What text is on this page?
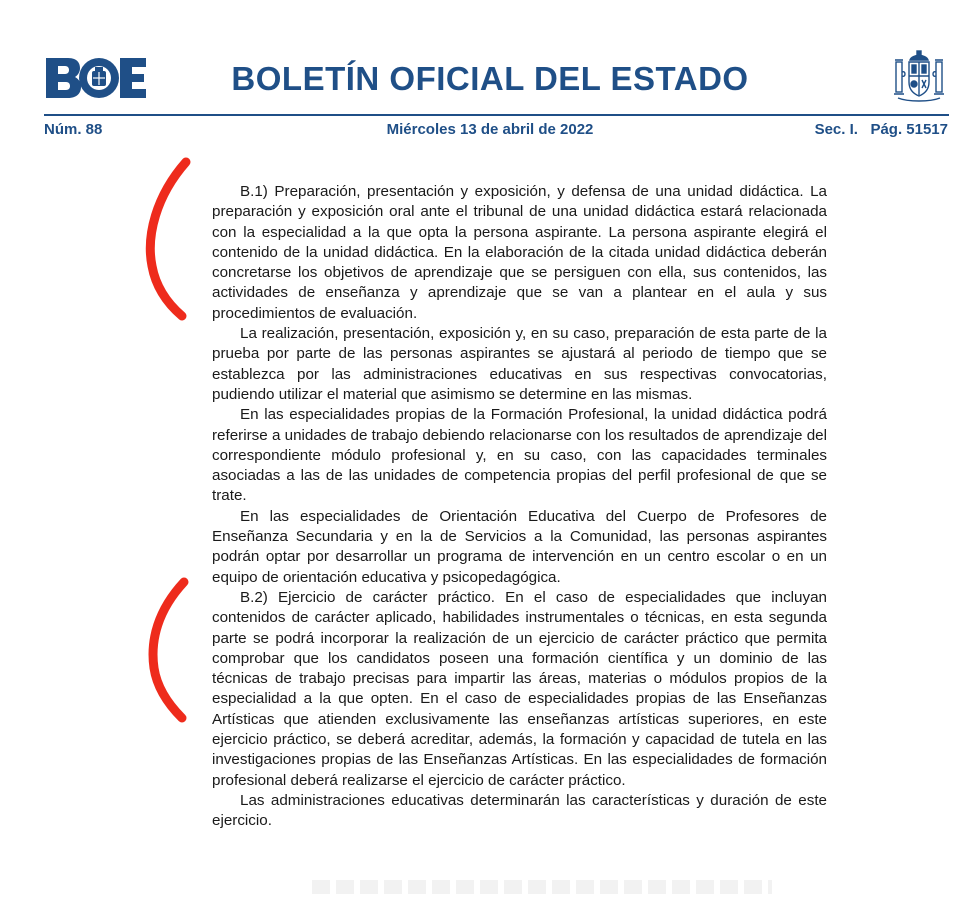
BOLETÍN OFICIAL DEL ESTADO
Núm. 88	Miércoles 13 de abril de 2022	Sec. I.   Pág. 51517

B.1) Preparación, presentación y exposición, y defensa de una unidad didáctica. La preparación y exposición oral ante el tribunal de una unidad didáctica estará relacionada con la especialidad a la que opta la persona aspirante. La persona aspirante elegirá el contenido de la unidad didáctica. En la elaboración de la citada unidad didáctica deberán concretarse los objetivos de aprendizaje que se persiguen con ella, sus contenidos, las actividades de enseñanza y aprendizaje que se van a plantear en el aula y sus procedimientos de evaluación.

La realización, presentación, exposición y, en su caso, preparación de esta parte de la prueba por parte de las personas aspirantes se ajustará al periodo de tiempo que se establezca por las administraciones educativas en sus respectivas convocatorias, pudiendo utilizar el material que asimismo se determine en las mismas.

En las especialidades propias de la Formación Profesional, la unidad didáctica podrá referirse a unidades de trabajo debiendo relacionarse con los resultados de aprendizaje del correspondiente módulo profesional y, en su caso, con las capacidades terminales asociadas a las de las unidades de competencia propias del perfil profesional de que se trate.

En las especialidades de Orientación Educativa del Cuerpo de Profesores de Enseñanza Secundaria y en la de Servicios a la Comunidad, las personas aspirantes podrán optar por desarrollar un programa de intervención en un centro escolar o en un equipo de orientación educativa y psicopedagógica.

B.2) Ejercicio de carácter práctico. En el caso de especialidades que incluyan contenidos de carácter aplicado, habilidades instrumentales o técnicas, en esta segunda parte se podrá incorporar la realización de un ejercicio de carácter práctico que permita comprobar que los candidatos poseen una formación científica y un dominio de las técnicas de trabajo precisas para impartir las áreas, materias o módulos propios de la especialidad a la que opten. En el caso de especialidades propias de las Enseñanzas Artísticas que atienden exclusivamente las enseñanzas artísticas superiores, en este ejercicio práctico, se deberá acreditar, además, la formación y capacidad de tutela en las investigaciones propias de las Enseñanzas Artísticas. En las especialidades de formación profesional deberá realizarse el ejercicio de carácter práctico.

Las administraciones educativas determinarán las características y duración de este ejercicio.
